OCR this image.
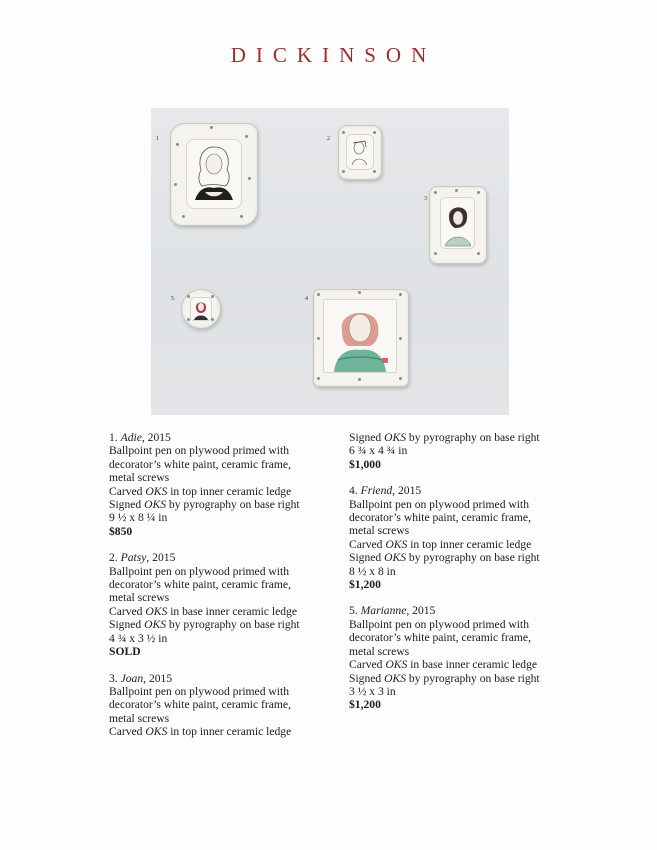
DICKINSON
1	2
3
5	4

1. Adie, 2015

Ballpoint pen on plywood primed with

decorator’s white paint, ceramic frame,

metal screws

Carved OKS in top inner ceramic ledge

Signed OKS by pyrography on base right

9 ½ x 8 ¼ in

$850

2. Patsy, 2015

Ballpoint pen on plywood primed with

decorator’s white paint, ceramic frame,

metal screws

Carved OKS in base inner ceramic ledge

Signed OKS by pyrography on base right

4 ¾ x 3 ½ in

SOLD

3. Joan, 2015

Ballpoint pen on plywood primed with

decorator’s white paint, ceramic frame,

metal screws

Carved OKS in top inner ceramic ledge

Signed OKS by pyrography on base right

6 ¾ x 4 ¾ in

$1,000

4. Friend, 2015

Ballpoint pen on plywood primed with

decorator’s white paint, ceramic frame,

metal screws

Carved OKS in top inner ceramic ledge

Signed OKS by pyrography on base right

8 ½ x 8 in

$1,200

5. Marianne, 2015

Ballpoint pen on plywood primed with

decorator’s white paint, ceramic frame,

metal screws

Carved OKS in base inner ceramic ledge

Signed OKS by pyrography on base right

3 ½ x 3 in

$1,200
